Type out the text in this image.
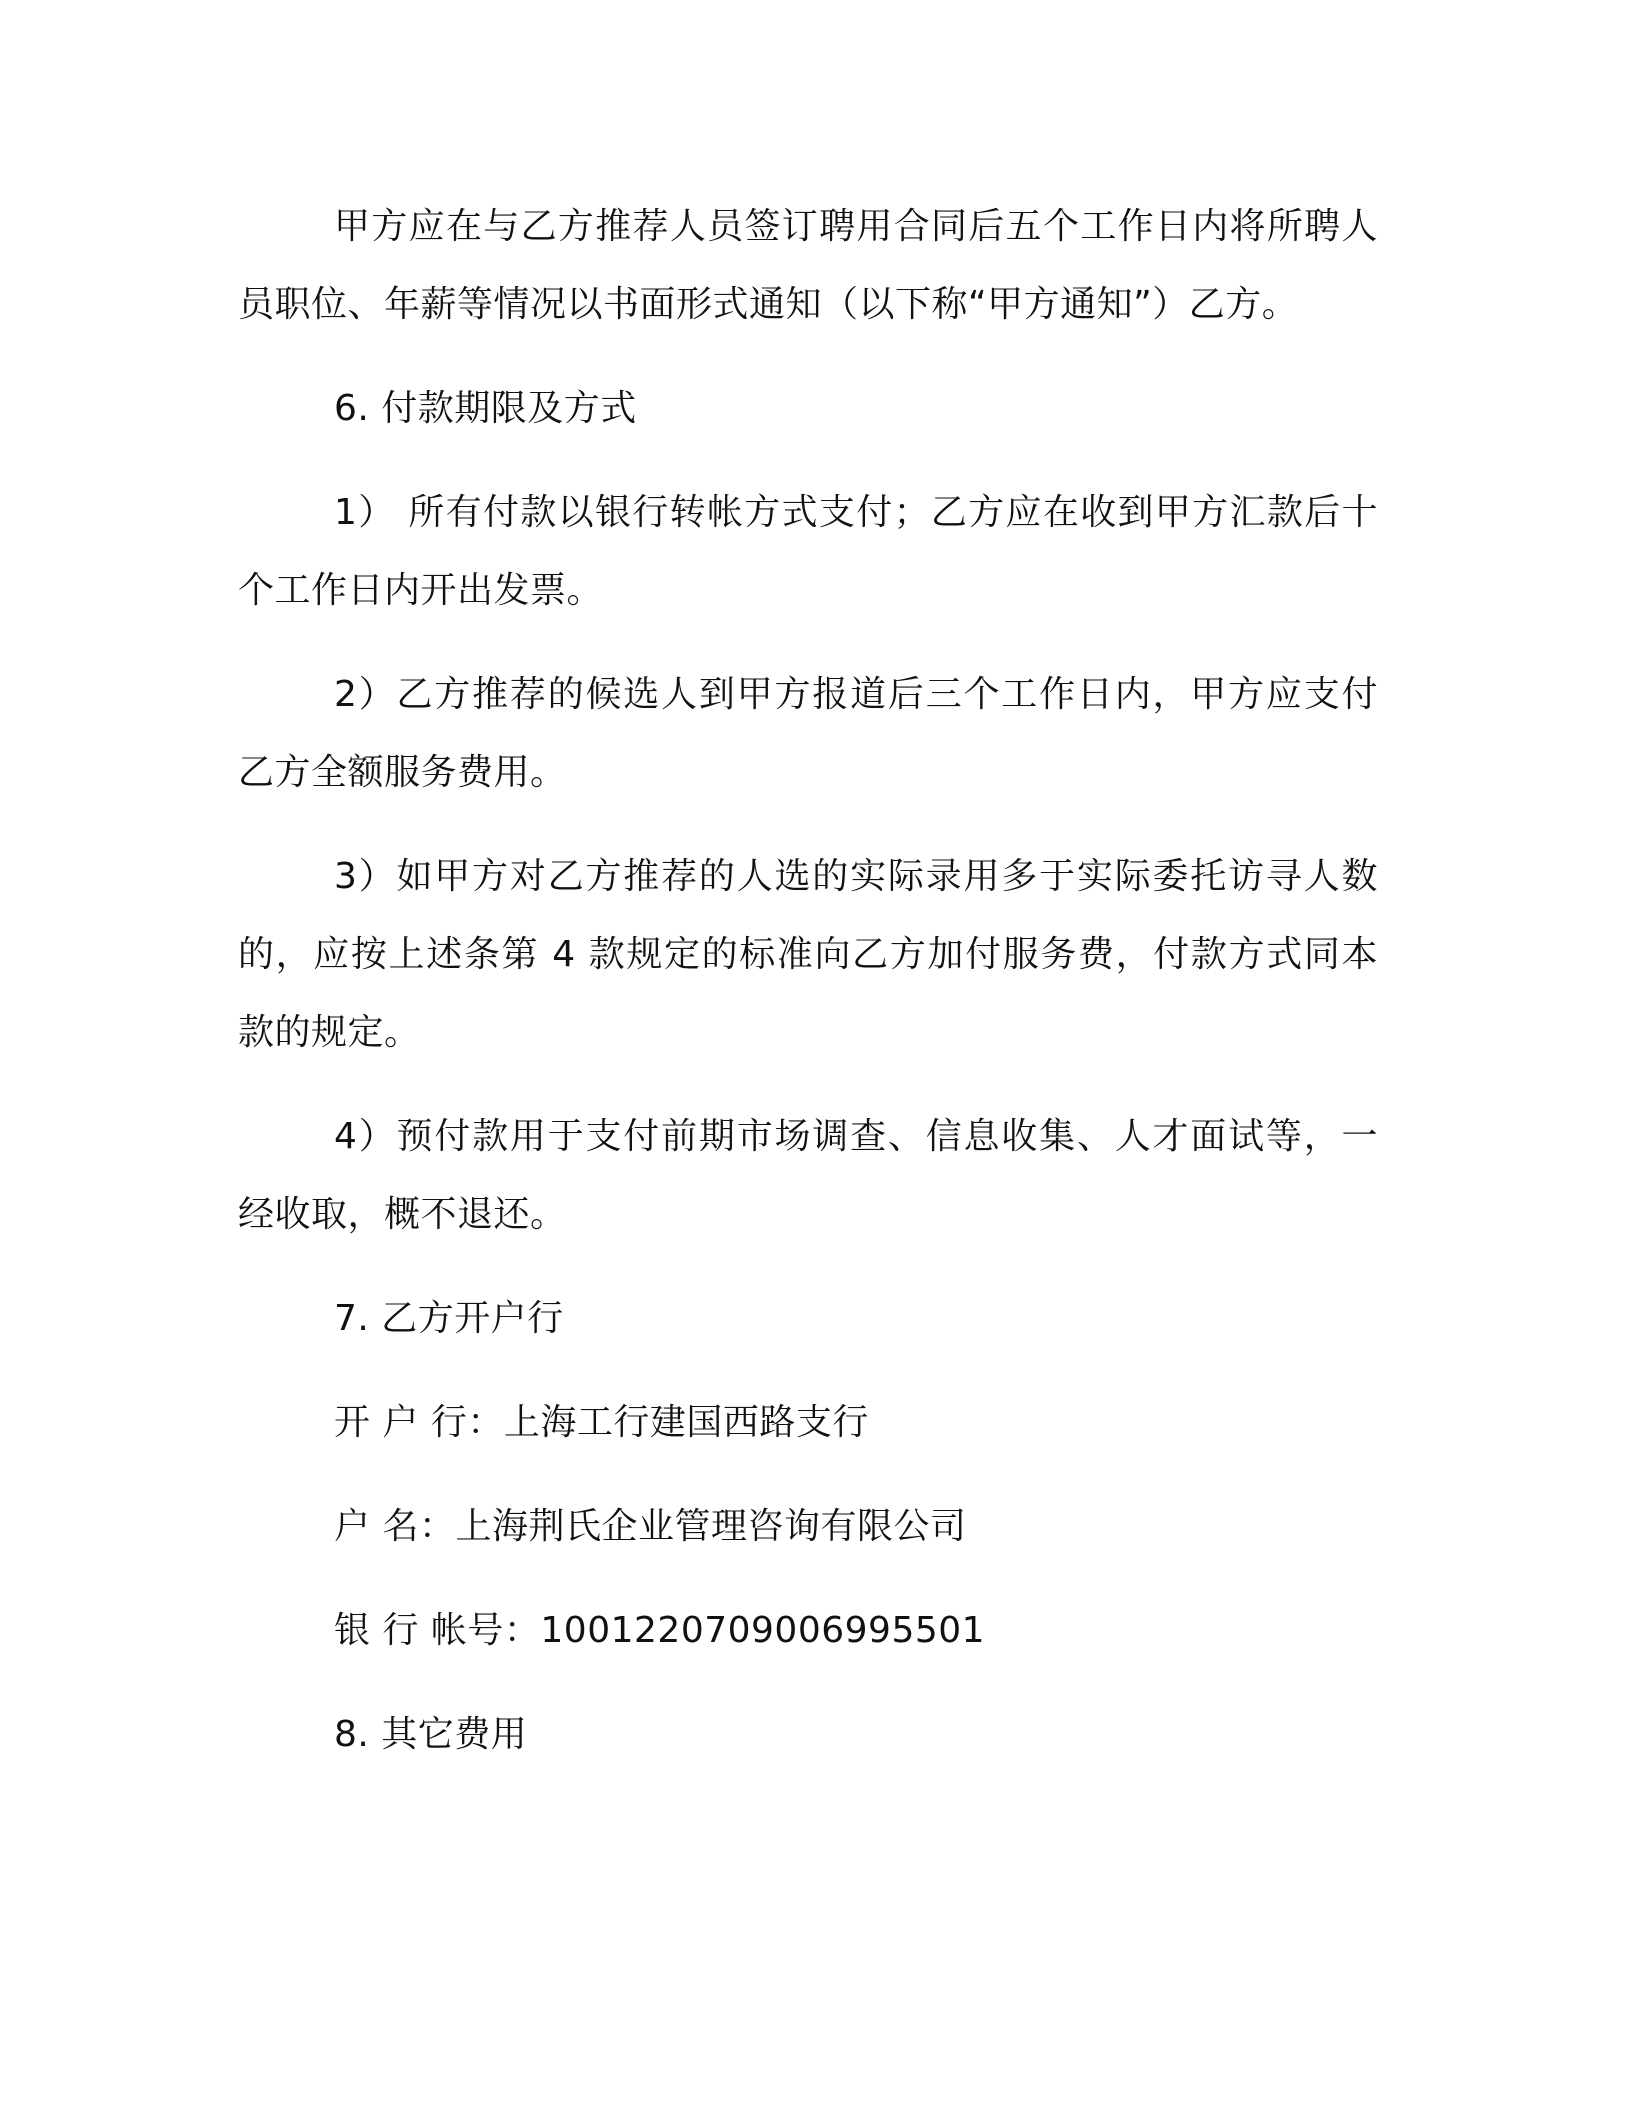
甲方应在与乙方推荐人员签订聘用合同后五个工作日内将所聘人员职位、年薪等情况以书面形式通知（以下称“甲方通知”）乙方。

6. 付款期限及方式

1） 所有付款以银行转帐方式支付；乙方应在收到甲方汇款后十个工作日内开出发票。

2）乙方推荐的候选人到甲方报道后三个工作日内，甲方应支付乙方全额服务费用。

3）如甲方对乙方推荐的人选的实际录用多于实际委托访寻人数的，应按上述条第 4 款规定的标准向乙方加付服务费，付款方式同本款的规定。

4）预付款用于支付前期市场调查、信息收集、人才面试等，一经收取，概不退还。

7. 乙方开户行

开 户 行：上海工行建国西路支行

户 名：上海荆氏企业管理咨询有限公司

银 行 帐号：1001220709006995501

8. 其它费用
